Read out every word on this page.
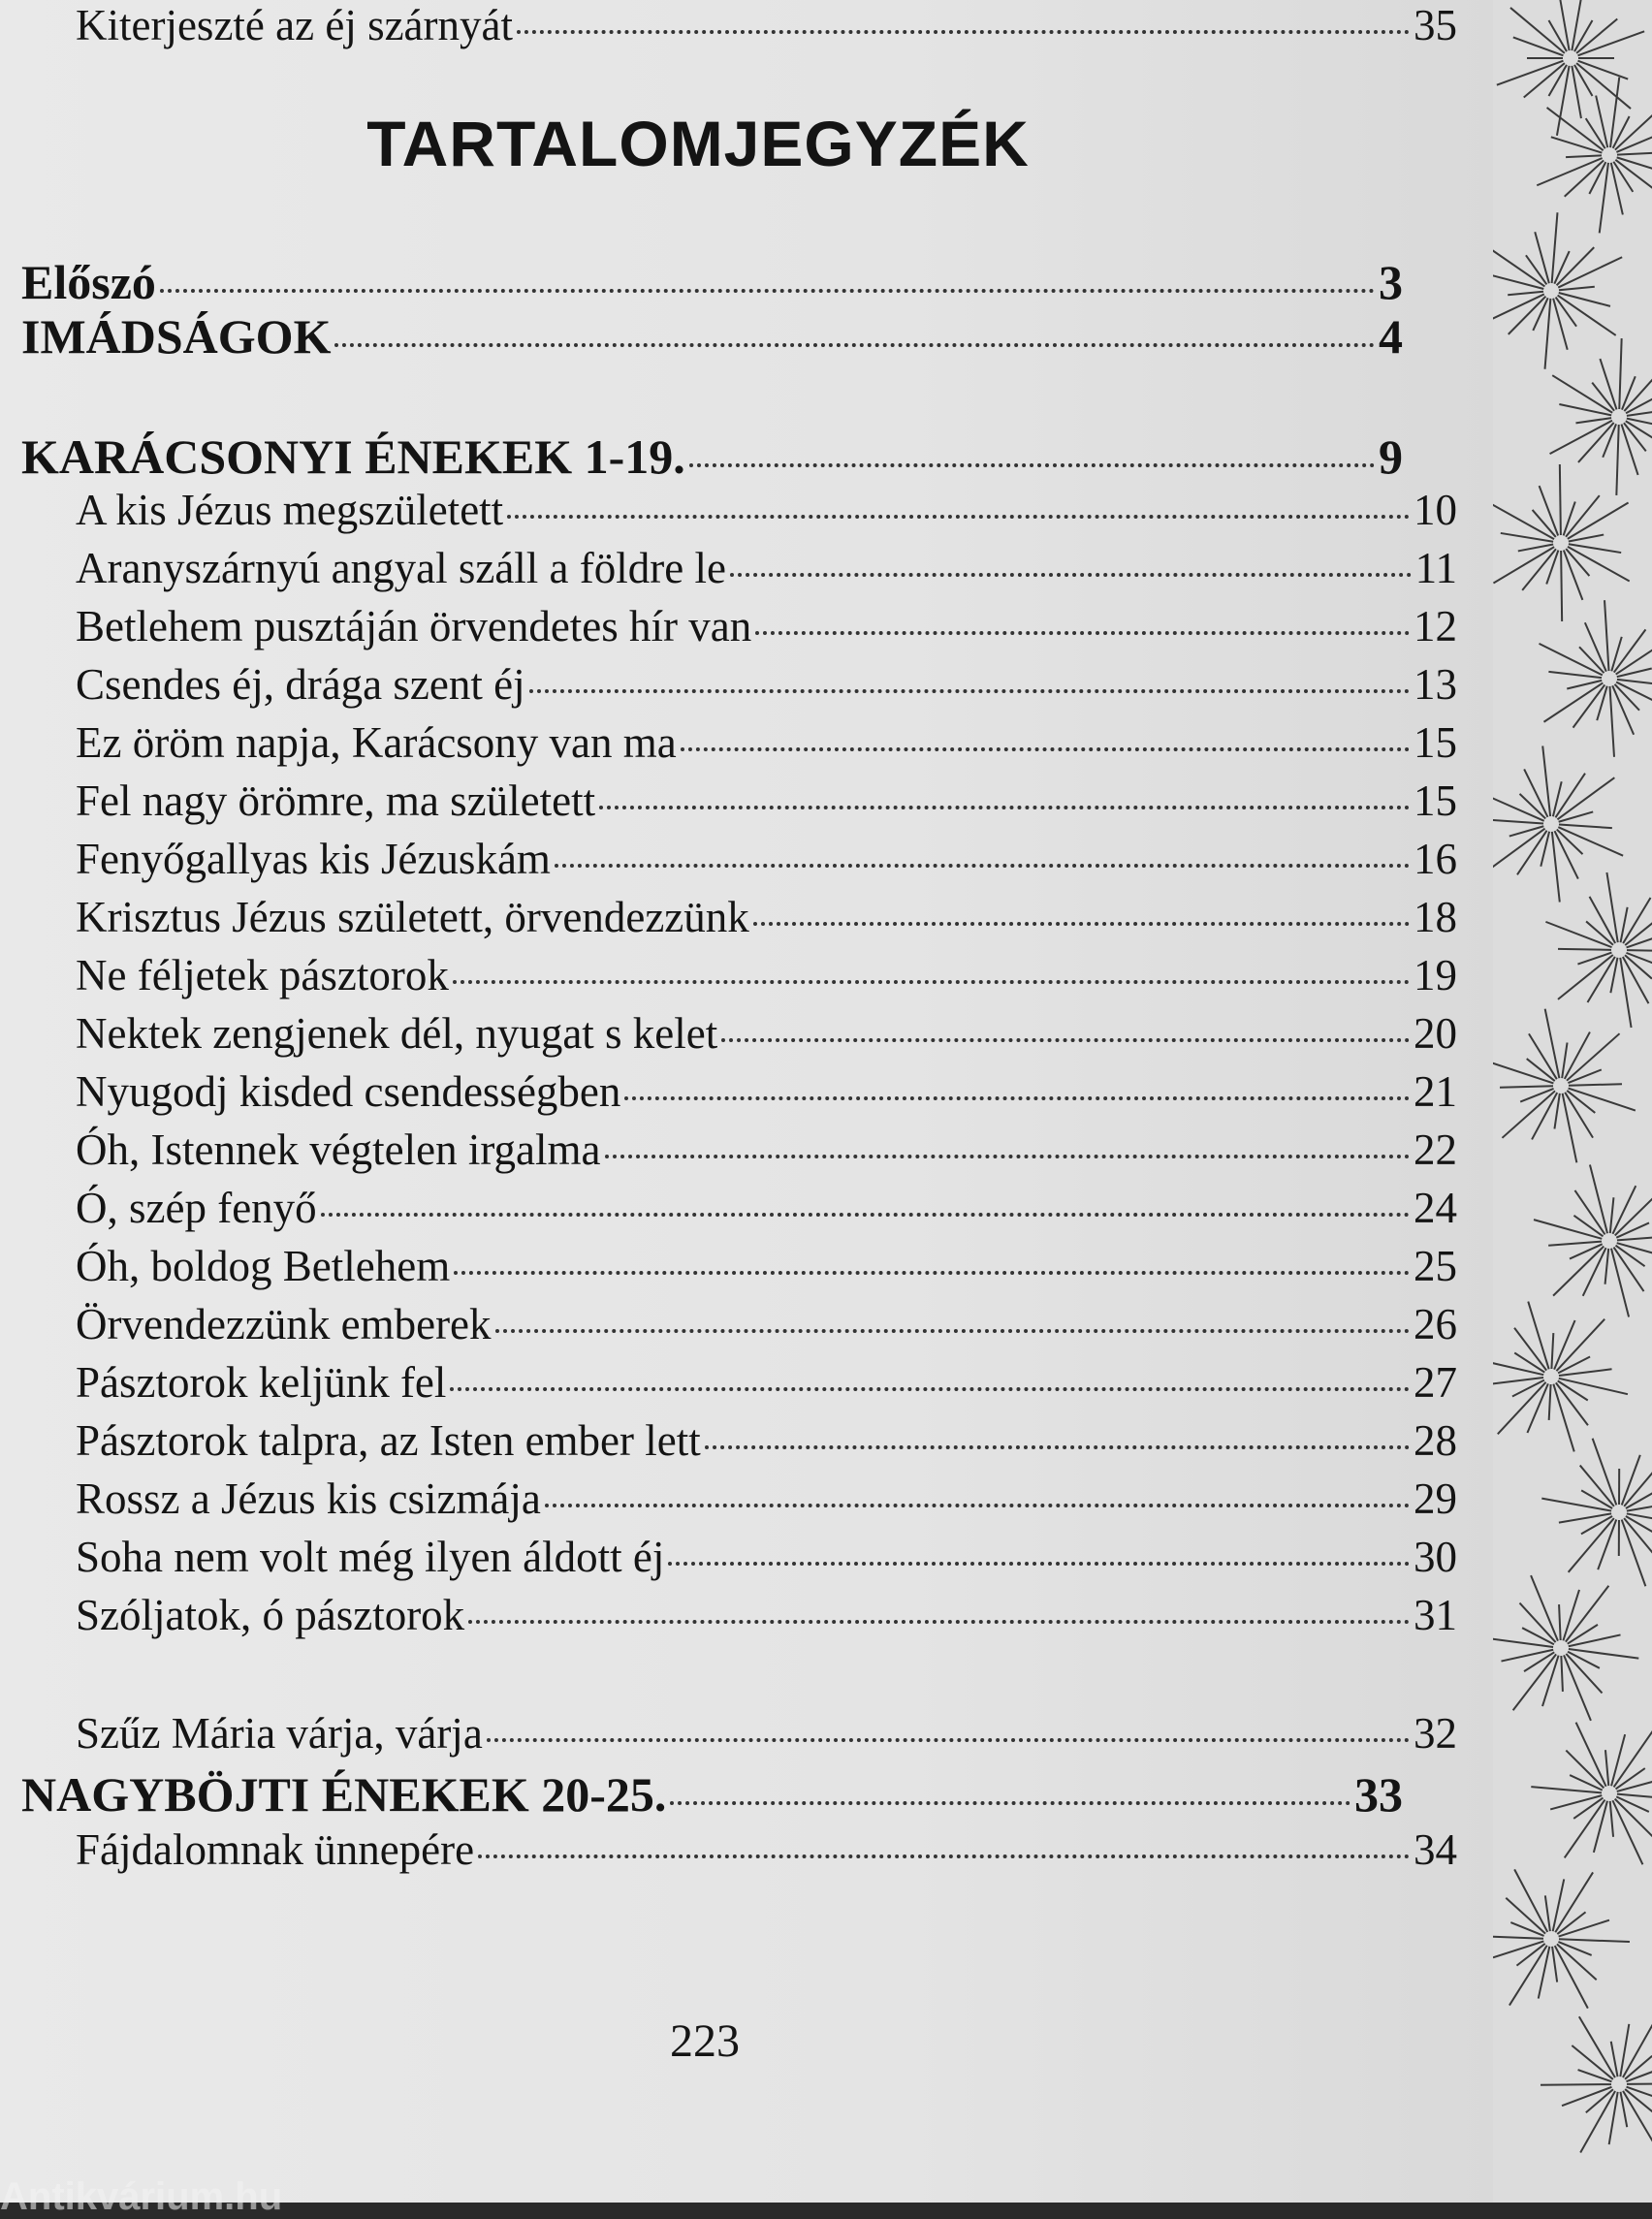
TARTALOMJEGYZÉK
Előszó	3
IMÁDSÁGOK	4
KARÁCSONYI ÉNEKEK 1-19.	9
A kis Jézus megszületett	10
Aranyszárnyú angyal száll a földre le	11
Betlehem pusztáján örvendetes hír van	12
Csendes éj, drága szent éj	13
Ez öröm napja, Karácsony van ma	15
Fel nagy örömre, ma született	15
Fenyőgallyas kis Jézuskám	16
Krisztus Jézus született, örvendezzünk	18
Ne féljetek pásztorok	19
Nektek zengjenek dél, nyugat s kelet	20
Nyugodj kisded csendességben	21
Óh, Istennek végtelen irgalma	22
Ó, szép fenyő	24
Óh, boldog Betlehem	25
Örvendezzünk emberek	26
Pásztorok keljünk fel	27
Pásztorok talpra, az Isten ember lett	28
Rossz a Jézus kis csizmája	29
Soha nem volt még ilyen áldott éj	30
Szóljatok, ó pásztorok	31
Szűz Mária várja, várja	32
NAGYBÖJTI ÉNEKEK 20-25.	33
Fájdalomnak ünnepére	34
Kiterjeszté az éj szárnyát	35
223
Antikvárium.hu
